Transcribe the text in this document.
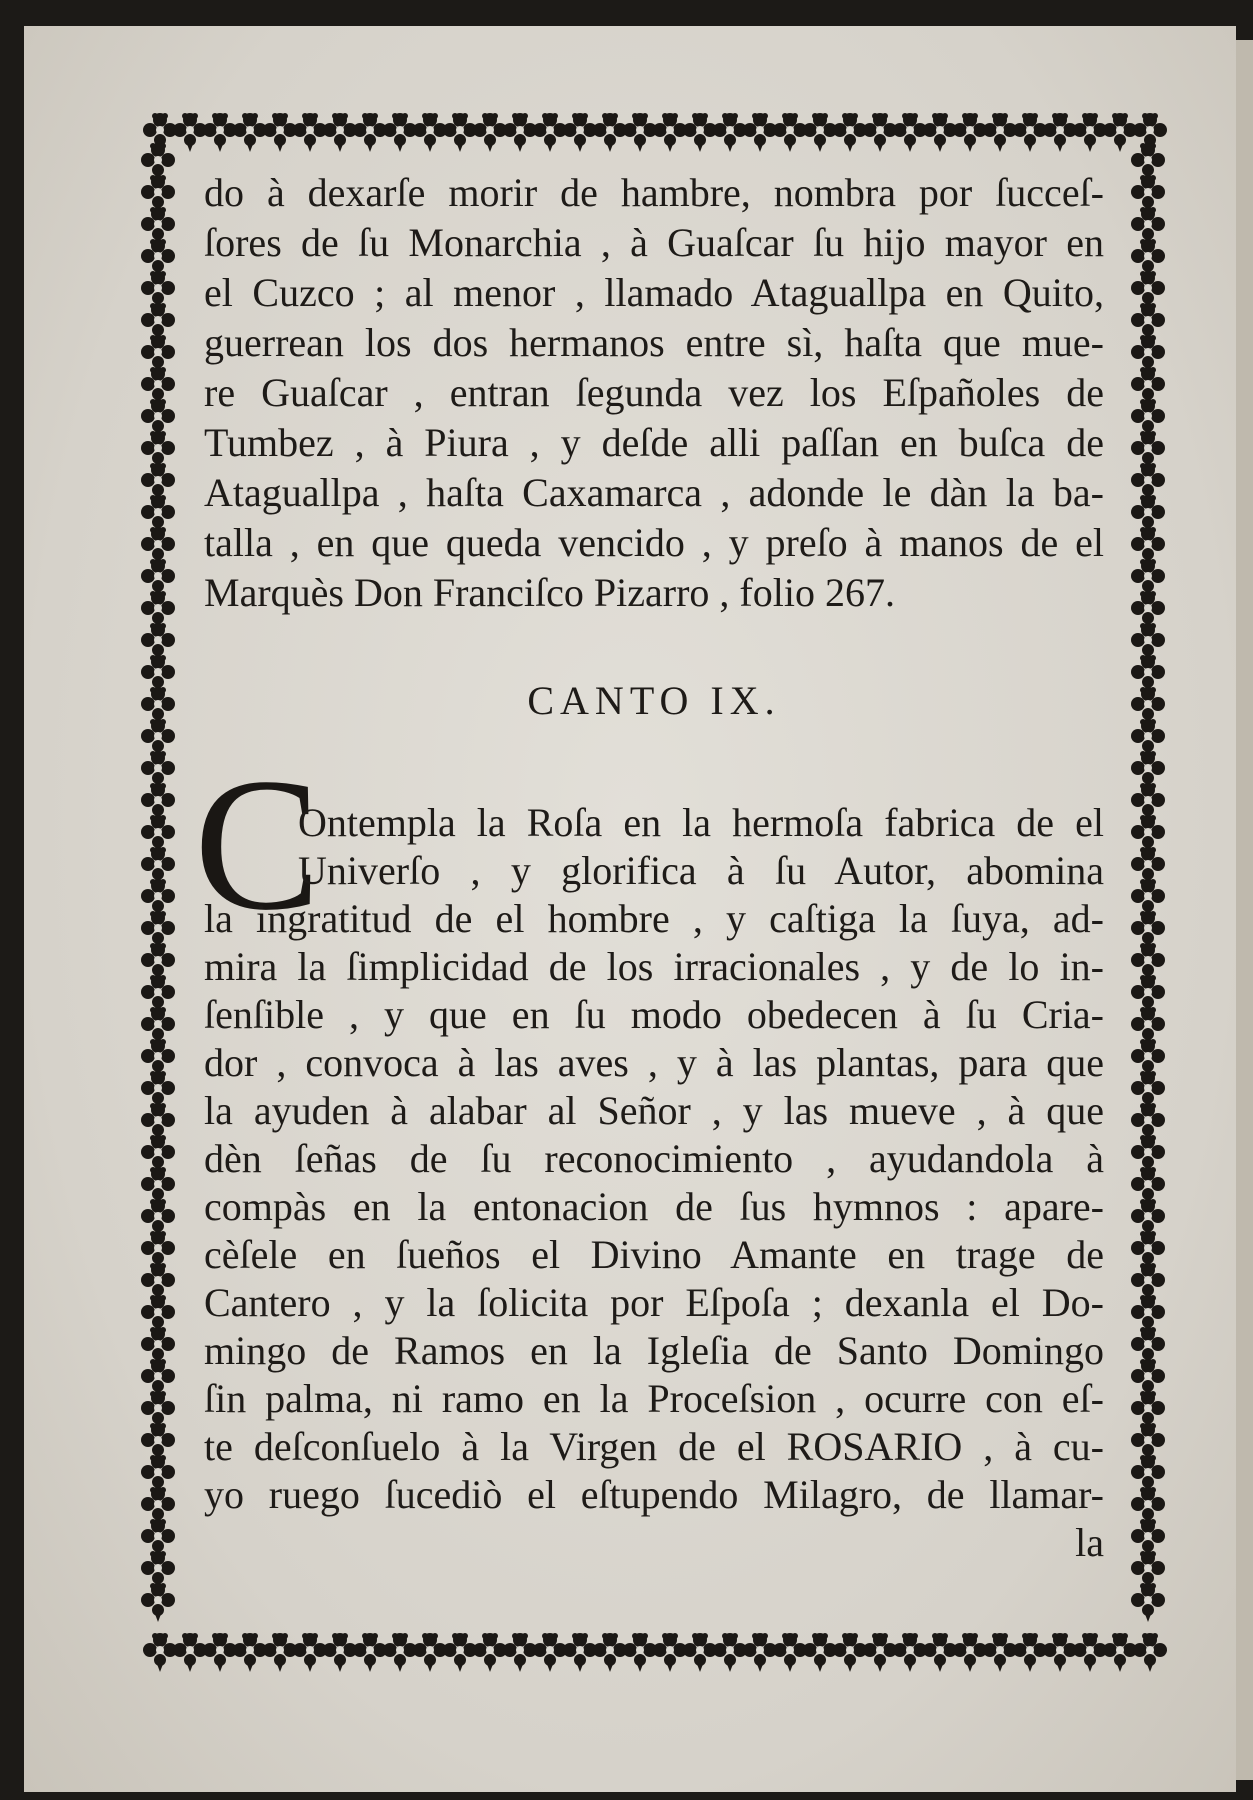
do à dexarſe morir de hambre, nombra por ſucceſ-
ſores de ſu Monarchia , à Guaſcar ſu hijo mayor en
el Cuzco ; al menor , llamado Ataguallpa en Quito,
guerrean los dos hermanos entre sì, haſta que mue-
re Guaſcar , entran ſegunda vez los Eſpañoles de
Tumbez , à Piura , y deſde alli paſſan en buſca de
Ataguallpa , haſta Caxamarca , adonde le dàn la ba-
talla , en que queda vencido , y preſo à manos de el
Marquès Don Franciſco Pizarro , folio 267.
CANTO IX.
C
Ontempla la Roſa en la hermoſa fabrica de el
Univerſo , y glorifica à ſu Autor, abomina
la ingratitud de el hombre , y caſtiga la ſuya, ad-
mira la ſimplicidad de los irracionales , y de lo in-
ſenſible , y que en ſu modo obedecen à ſu Cria-
dor , convoca à las aves , y à las plantas, para que
la ayuden à alabar al Señor , y las mueve , à que
dèn ſeñas de ſu reconocimiento , ayudandola à
compàs en la entonacion de ſus hymnos : apare-
cèſele en ſueños el Divino Amante en trage de
Cantero , y la ſolicita por Eſpoſa ; dexanla el Do-
mingo de Ramos en la Igleſia de Santo Domingo
ſin palma, ni ramo en la Proceſsion , ocurre con eſ-
te deſconſuelo à la Virgen de el ROSARIO , à cu-
yo ruego ſucediò el eſtupendo Milagro, de llamar-
la
